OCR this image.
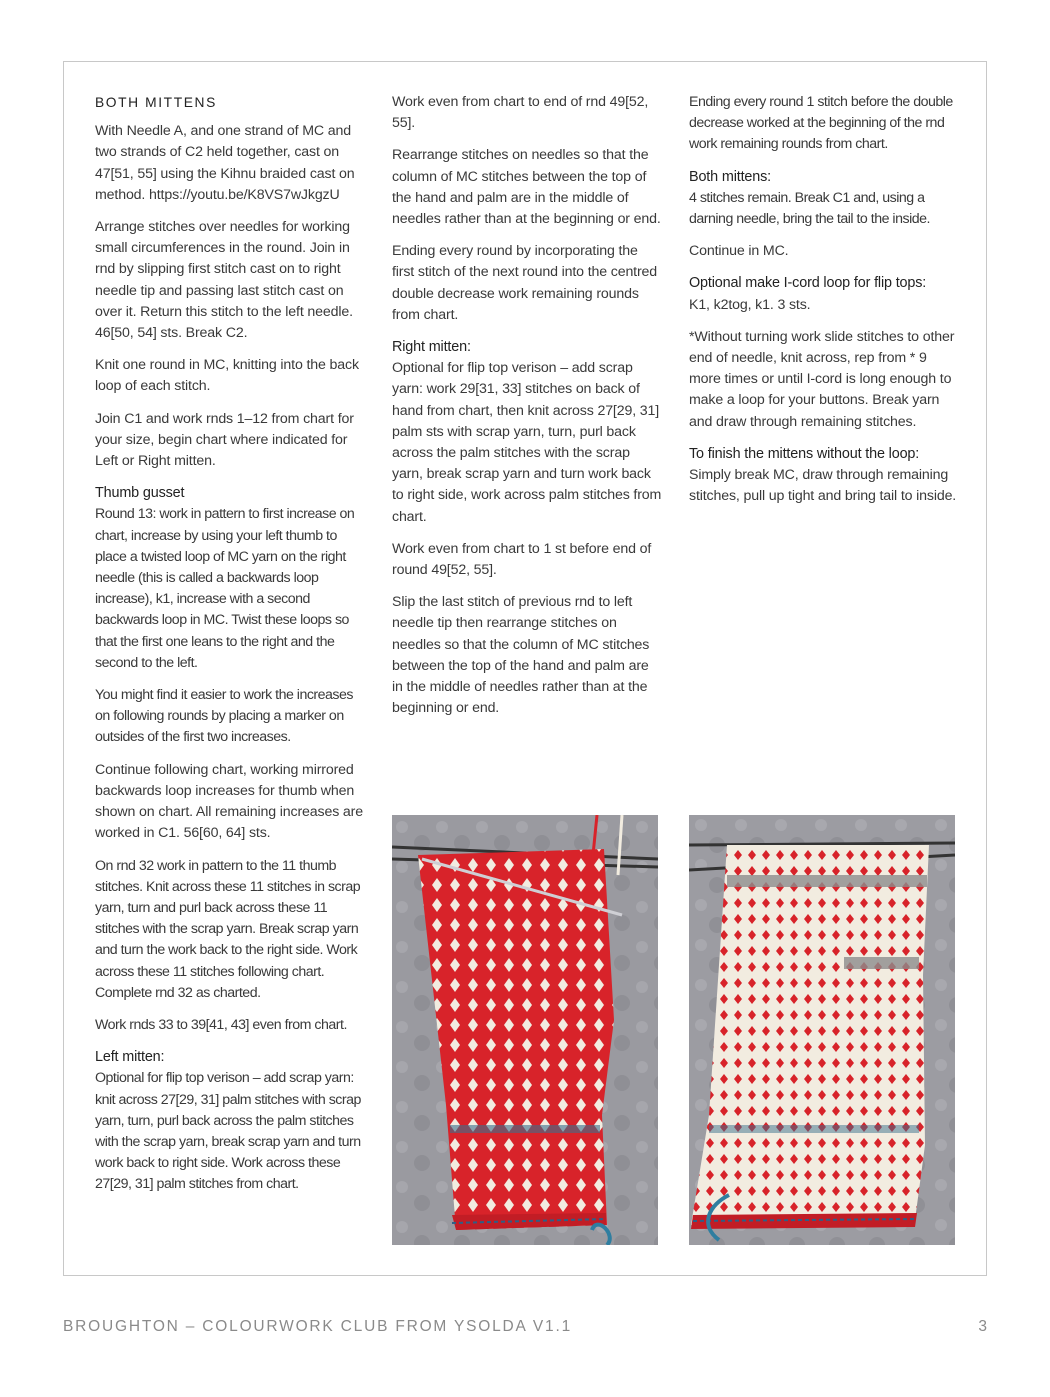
BOTH MITTENS

With Needle A, and one strand of MC and two strands of C2 held together, cast on 47[51, 55] using the Kihnu braided cast on method. https://youtu.be/K8VS7wJkgzU

Arrange stitches over needles for working small circumferences in the round. Join in rnd by slipping first stitch cast on to right needle tip and passing last stitch cast on over it. Return this stitch to the left needle. 46[50, 54] sts. Break C2.

Knit one round in MC, knitting into the back loop of each stitch.

Join C1 and work rnds 1–12 from chart for your size, begin chart where indicated for Left or Right mitten.

Thumb gusset

Round 13: work in pattern to first increase on chart, increase by using your left thumb to place a twisted loop of MC yarn on the right needle (this is called a backwards loop increase), k1, increase with a second backwards loop in MC. Twist these loops so that the first one leans to the right and the second to the left.

You might find it easier to work the increases on following rounds by placing a marker on outsides of the first two increases.

Continue following chart, working mirrored backwards loop increases for thumb when shown on chart. All remaining increases are worked in C1. 56[60, 64] sts.

On rnd 32 work in pattern to the 11 thumb stitches. Knit across these 11 stitches in scrap yarn, turn and purl back across these 11 stitches with the scrap yarn. Break scrap yarn and turn the work back to the right side. Work across these 11 stitches following chart. Complete rnd 32 as charted.

Work rnds 33 to 39[41, 43] even from chart.

Left mitten:

Optional for flip top verison – add scrap yarn: knit across 27[29, 31] palm stitches with scrap yarn, turn, purl back across the palm stitches with the scrap yarn, break scrap yarn and turn work back to right side. Work across these 27[29, 31] palm stitches from chart.

Work even from chart to end of rnd 49[52, 55].

Rearrange stitches on needles so that the column of MC stitches between the top of the hand and palm are in the middle of needles rather than at the beginning or end.

Ending every round by incorporating the first stitch of the next round into the centred double decrease work remaining rounds from chart.

Right mitten:

Optional for flip top verison – add scrap yarn: work 29[31, 33] stitches on back of hand from chart, then knit across 27[29, 31] palm sts with scrap yarn, turn, purl back across the palm stitches with the scrap yarn, break scrap yarn and turn work back to right side, work across palm stitches from chart.

Work even from chart to 1 st before end of round 49[52, 55].

Slip the last stitch of previous rnd to left needle tip then rearrange stitches on needles so that the column of MC stitches between the top of the hand and palm are in the middle of needles rather than at the beginning or end.

Ending every round 1 stitch before the double decrease worked at the beginning of the rnd work remaining rounds from chart.

Both mittens:

4 stitches remain. Break C1 and, using a darning needle, bring the tail to the inside.

Continue in MC.

Optional make I-cord loop for flip tops:

K1, k2tog, k1. 3 sts.

*Without turning work slide stitches to other end of needle, knit across, rep from * 9 more times or until I-cord is long enough to make a loop for your buttons. Break yarn and draw through remaining stitches.

To finish the mittens without the loop:

Simply break MC, draw through remaining stitches, pull up tight and bring tail to inside.

BROUGHTON – COLOURWORK CLUB FROM YSOLDA V1.1	3
